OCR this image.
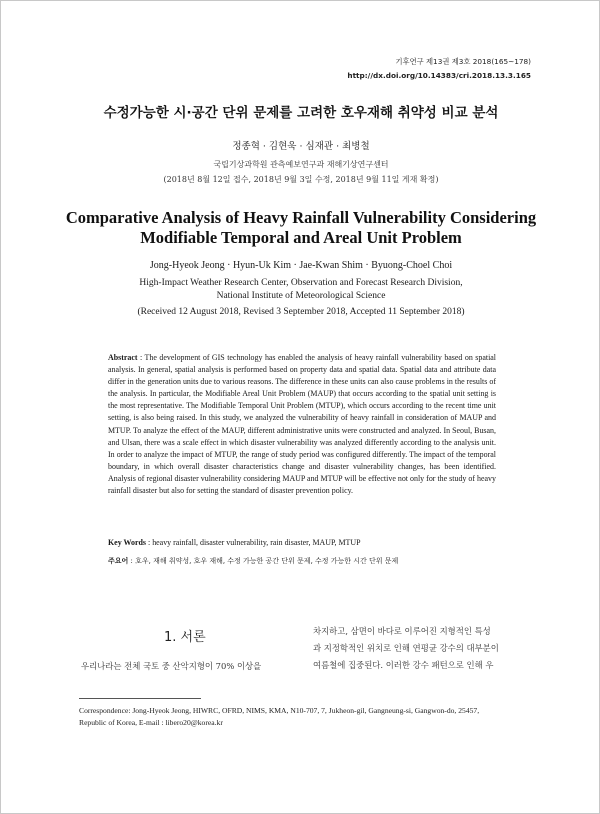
기후연구 제13권 제3호 2018(165~178)
http://dx.doi.org/10.14383/cri.2018.13.3.165
수정가능한 시·공간 단위 문제를 고려한 호우재해 취약성 비교 분석
정종혁 · 김현욱 · 심재관 · 최병철
국립기상과학원 관측예보연구과 재해기상연구센터
(2018년 8월 12일 접수, 2018년 9월 3일 수정, 2018년 9월 11일 게재 확정)
Comparative Analysis of Heavy Rainfall Vulnerability Considering
Modifiable Temporal and Areal Unit Problem
Jong-Hyeok Jeong · Hyun-Uk Kim · Jae-Kwan Shim · Byuong-Choel Choi
High-Impact Weather Research Center, Observation and Forecast Research Division,
National Institute of Meteorological Science
(Received 12 August 2018, Revised 3 September 2018, Accepted 11 September 2018)
Abstract : The development of GIS technology has enabled the analysis of heavy rainfall vulnerability based on spatial analysis. In general, spatial analysis is performed based on property data and spatial data. Spatial data and attribute data differ in the generation units due to various reasons. The difference in these units can also cause problems in the results of the analysis. In particular, the Modifiable Areal Unit Problem (MAUP) that occurs according to the spatial unit setting is the most representative. The Modifiable Temporal Unit Problem (MTUP), which occurs according to the recent time unit setting, is also being raised. In this study, we analyzed the vulnerability of heavy rainfall in consideration of MAUP and MTUP. To analyze the effect of the MAUP, different administrative units were constructed and analyzed. In Seoul, Busan, and Ulsan, there was a scale effect in which disaster vulnerability was analyzed differently according to the analysis unit. In order to analyze the impact of MTUP, the range of study period was configured differently. The impact of the temporal boundary, in which overall disaster characteristics change and disaster vulnerability changes, has been identified. Analysis of regional disaster vulnerability considering MAUP and MTUP will be effective not only for the study of heavy rainfall disaster but also for setting the standard of disaster prevention policy.
Key Words : heavy rainfall, disaster vulnerability, rain disaster, MAUP, MTUP
주요어 : 호우, 재해 취약성, 호우 재해, 수정 가능한 공간 단위 문제, 수정 가능한 시간 단위 문제
1. 서론
우리나라는 전체 국토 중 산악지형이 70% 이상을
차지하고, 삼면이 바다로 이루어진 지형적인 특성
과 지정학적인 위치로 인해 연평균 강수의 대부분이
여름철에 집중된다. 이러한 강수 패턴으로 인해 우
Correspondence: Jong-Hyeok Jeong, HIWRC, OFRD, NIMS, KMA, N10-707, 7, Jukheon-gil, Gangneung-si, Gangwon-do, 25457,
Republic of Korea, E-mail : libero20@korea.kr
